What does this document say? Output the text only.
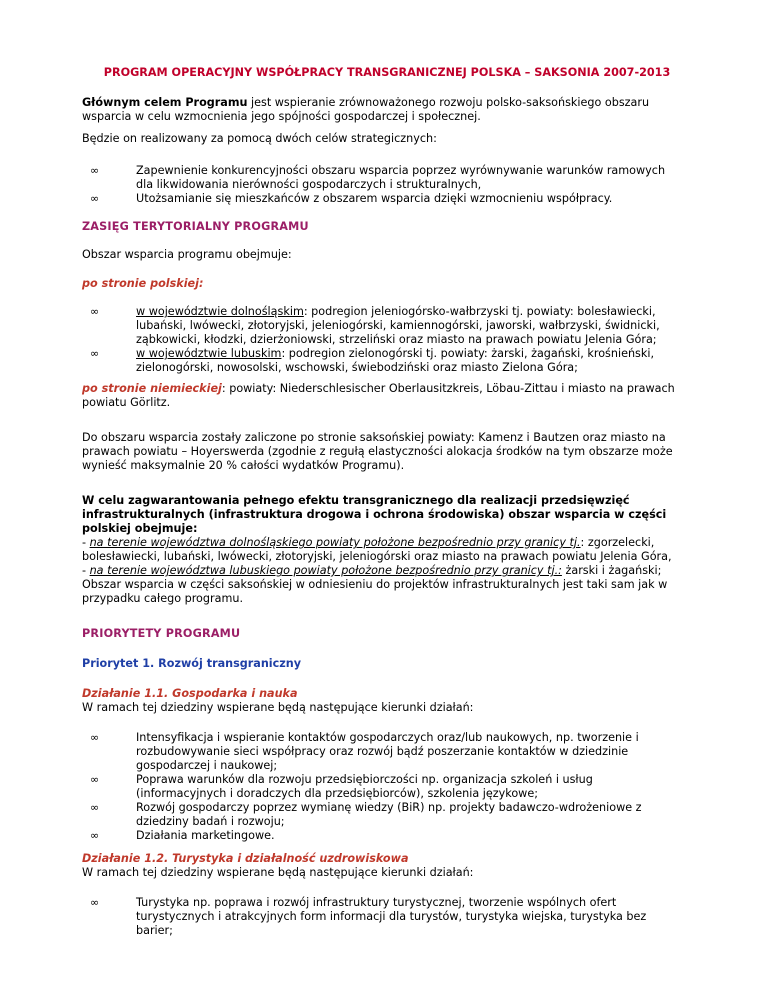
PROGRAM OPERACYJNY WSPÓŁPRACY TRANSGRANICZNEJ POLSKA – SAKSONIA 2007-2013
Głównym celem Programu jest wspieranie zrównoważonego rozwoju polsko-saksońskiego obszaru wsparcia w celu wzmocnienia jego spójności gospodarczej i społecznej.
Będzie on realizowany za pomocą dwóch celów strategicznych:
∞	Zapewnienie konkurencyjności obszaru wsparcia poprzez wyrównywanie warunków ramowych dla likwidowania nierówności gospodarczych i strukturalnych,
∞	Utożsamianie się mieszkańców z obszarem wsparcia dzięki wzmocnieniu współpracy.
ZASIĘG TERYTORIALNY PROGRAMU
Obszar wsparcia programu obejmuje:
po stronie polskiej:
∞	w województwie dolnośląskim: podregion jeleniogórsko-wałbrzyski tj. powiaty: bolesławiecki, lubański, lwówecki, złotoryjski, jeleniogórski, kamiennogórski, jaworski, wałbrzyski, świdnicki, ząbkowicki, kłodzki, dzierżoniowski, strzeliński oraz miasto na prawach powiatu Jelenia Góra;
∞	w województwie lubuskim: podregion zielonogórski tj. powiaty: żarski, żagański, krośnieński, zielonogórski, nowosolski, wschowski, świebodziński oraz miasto Zielona Góra;
po stronie niemieckiej: powiaty: Niederschlesischer Oberlausitzkreis, Löbau-Zittau i miasto na prawach powiatu Görlitz.
Do obszaru wsparcia zostały zaliczone po stronie saksońskiej powiaty: Kamenz i Bautzen oraz miasto na prawach powiatu – Hoyerswerda (zgodnie z regułą elastyczności alokacja środków na tym obszarze może wynieść maksymalnie 20 % całości wydatków Programu).
W celu zagwarantowania pełnego efektu transgranicznego dla realizacji przedsięwzięć infrastrukturalnych (infrastruktura drogowa i ochrona środowiska) obszar wsparcia w części polskiej obejmuje:
- na terenie województwa dolnośląskiego powiaty położone bezpośrednio przy granicy tj.: zgorzelecki, bolesławiecki, lubański, lwówecki, złotoryjski, jeleniogórski oraz miasto na prawach powiatu Jelenia Góra,
- na terenie województwa lubuskiego powiaty położone bezpośrednio przy granicy tj.: żarski i żagański;
Obszar wsparcia w części saksońskiej w odniesieniu do projektów infrastrukturalnych jest taki sam jak w przypadku całego programu.
PRIORYTETY PROGRAMU
Priorytet 1. Rozwój transgraniczny
Działanie 1.1. Gospodarka i nauka
W ramach tej dziedziny wspierane będą następujące kierunki działań:
∞	Intensyfikacja i wspieranie kontaktów gospodarczych oraz/lub naukowych, np. tworzenie i rozbudowywanie sieci współpracy oraz rozwój bądź poszerzanie kontaktów w dziedzinie gospodarczej i naukowej;
∞	Poprawa warunków dla rozwoju przedsiębiorczości np. organizacja szkoleń i usług (informacyjnych i doradczych dla przedsiębiorców), szkolenia językowe;
∞	Rozwój gospodarczy poprzez wymianę wiedzy (BiR) np. projekty badawczo-wdrożeniowe z dziedziny badań i rozwoju;
∞	Działania marketingowe.
Działanie 1.2. Turystyka i działalność uzdrowiskowa
W ramach tej dziedziny wspierane będą następujące kierunki działań:
∞	Turystyka np. poprawa i rozwój infrastruktury turystycznej, tworzenie wspólnych ofert turystycznych i atrakcyjnych form informacji dla turystów, turystyka wiejska, turystyka bez barier;
